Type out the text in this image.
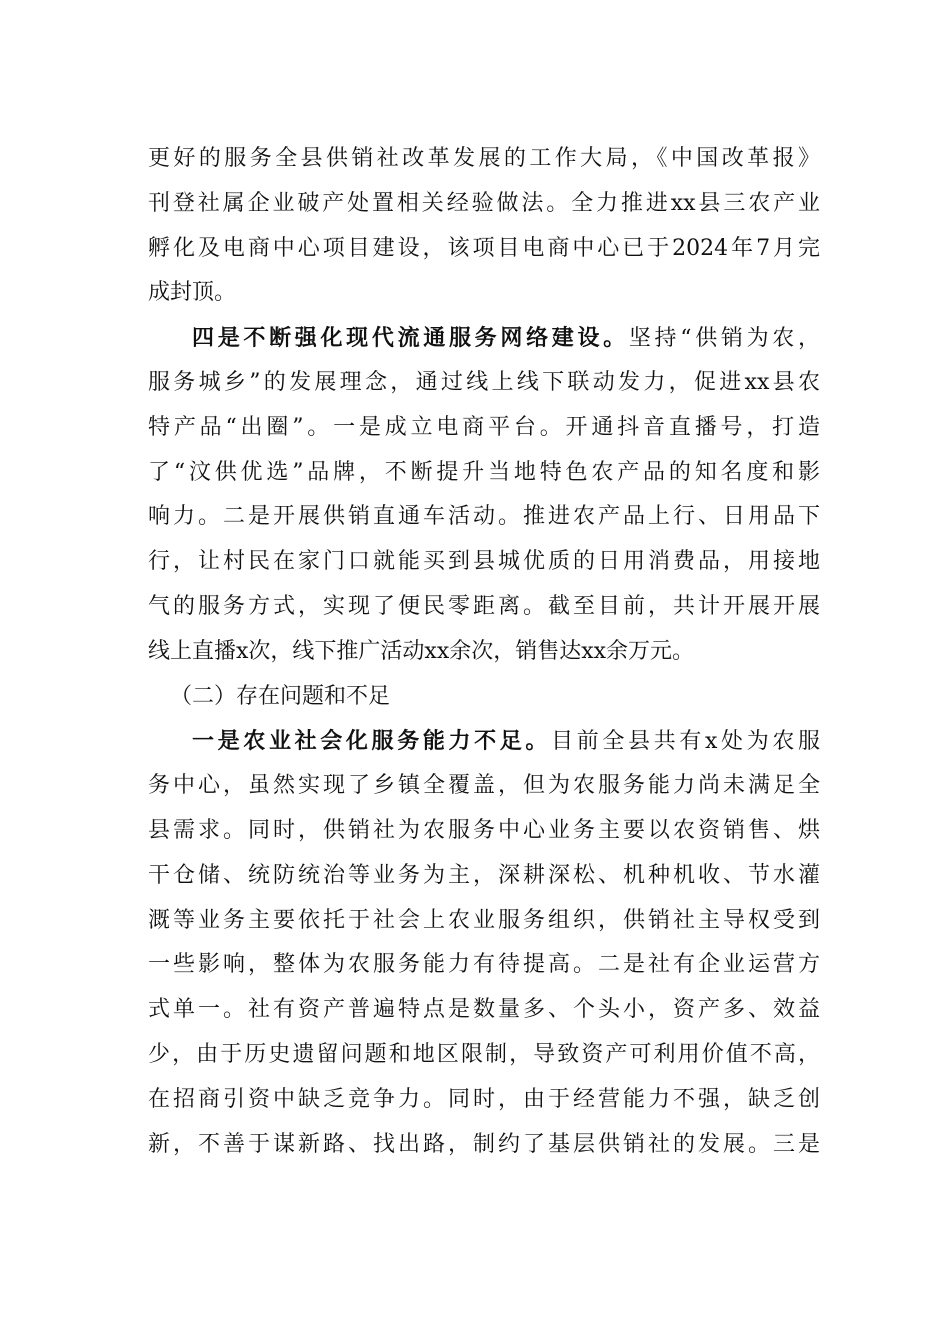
更好的服务全县供销社改革发展的工作大局，《中国改革报》
刊登社属企业破产处置相关经验做法。全力推进xx县三农产业
孵化及电商中心项目建设，该项目电商中心已于2024年7月完
成封顶。
四是不断强化现代流通服务网络建设。坚持“供销为农，
服务城乡”的发展理念，通过线上线下联动发力，促进xx县农
特产品“出圈”。一是成立电商平台。开通抖音直播号，打造
了“汶供优选”品牌，不断提升当地特色农产品的知名度和影
响力。二是开展供销直通车活动。推进农产品上行、日用品下
行，让村民在家门口就能买到县城优质的日用消费品，用接地
气的服务方式，实现了便民零距离。截至目前，共计开展开展
线上直播x次，线下推广活动xx余次，销售达xx余万元。
（二）存在问题和不足
一是农业社会化服务能力不足。目前全县共有x处为农服
务中心，虽然实现了乡镇全覆盖，但为农服务能力尚未满足全
县需求。同时，供销社为农服务中心业务主要以农资销售、烘
干仓储、统防统治等业务为主，深耕深松、机种机收、节水灌
溉等业务主要依托于社会上农业服务组织，供销社主导权受到
一些影响，整体为农服务能力有待提高。二是社有企业运营方
式单一。社有资产普遍特点是数量多、个头小，资产多、效益
少，由于历史遗留问题和地区限制，导致资产可利用价值不高，
在招商引资中缺乏竞争力。同时，由于经营能力不强，缺乏创
新，不善于谋新路、找出路，制约了基层供销社的发展。三是
